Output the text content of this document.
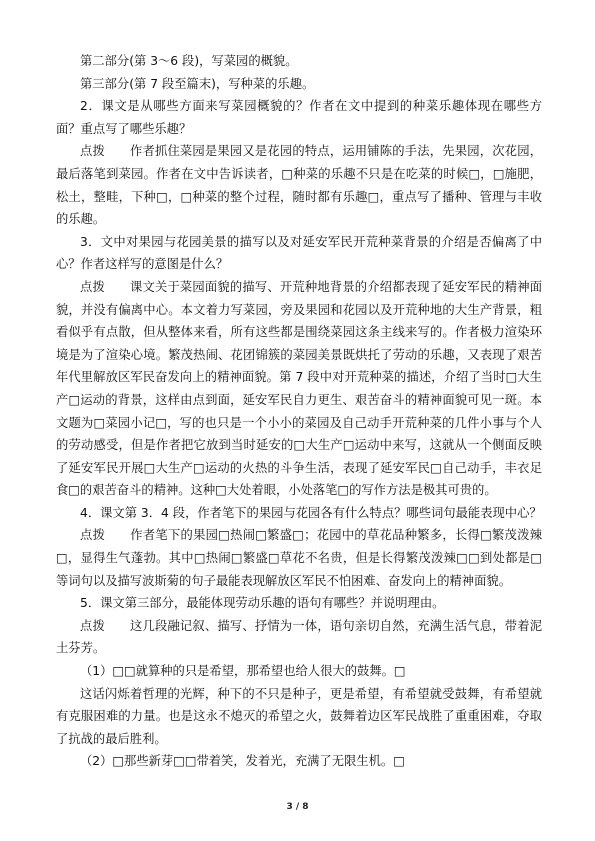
第二部分(第 3～6 段)，写菜园的概貌。

第三部分(第 7 段至篇末)，写种菜的乐趣。

2．课文是从哪些方面来写菜园概貌的？作者在文中提到的种菜乐趣体现在哪些方面？重点写了哪些乐趣？

点拨　　作者抓住菜园是果园又是花园的特点，运用铺陈的手法，先果园，次花园，最后落笔到菜园。作者在文中告诉读者，□种菜的乐趣不只是在吃菜的时候□，□施肥，松土，整畦，下种□，□种菜的整个过程，随时都有乐趣□，重点写了播种、管理与丰收的乐趣。

3．文中对果园与花园美景的描写以及对延安军民开荒种菜背景的介绍是否偏离了中心？作者这样写的意图是什么？

点拨　　课文关于菜园面貌的描写、开荒种地背景的介绍都表现了延安军民的精神面貌，并没有偏离中心。本文着力写菜园，旁及果园和花园以及开荒种地的大生产背景，粗看似乎有点散，但从整体来看，所有这些都是围绕菜园这条主线来写的。作者极力渲染环境是为了渲染心境。繁茂热闹、花团锦簇的菜园美景既烘托了劳动的乐趣，又表现了艰苦年代里解放区军民奋发向上的精神面貌。第 7 段中对开荒种菜的描述，介绍了当时□大生产□运动的背景，这样由点到面，延安军民自力更生、艰苦奋斗的精神面貌可见一斑。本文题为□菜园小记□，写的也只是一个小小的菜园及自己动手开荒种菜的几件小事与个人的劳动感受，但是作者把它放到当时延安的□大生产□运动中来写，这就从一个侧面反映了延安军民开展□大生产□运动的火热的斗争生活，表现了延安军民□自己动手，丰衣足食□的艰苦奋斗的精神。这种□大处着眼，小处落笔□的写作方法是极其可贵的。

4．课文第 3．4 段，作者笔下的果园与花园各有什么特点？哪些词句最能表现中心？

点拨　　作者笔下的果园□热闹□繁盛□；花园中的草花品种繁多，长得□繁茂泼辣□，显得生气蓬勃。其中□热闹□繁盛□草花不名贵，但是长得繁茂泼辣□□到处都是□等词句以及描写波斯菊的句子最能表现解放区军民不怕困难、奋发向上的精神面貌。

5．课文第三部分，最能体现劳动乐趣的语句有哪些？并说明理由。

点拨　　这几段融记叙、描写、抒情为一体，语句亲切自然，充满生活气息，带着泥土芬芳。

（1）□□就算种的只是希望，那希望也给人很大的鼓舞。□

这话闪烁着哲理的光辉，种下的不只是种子，更是希望，有希望就受鼓舞，有希望就有克服困难的力量。也是这永不熄灭的希望之火，鼓舞着边区军民战胜了重重困难，夺取了抗战的最后胜利。

（2）□那些新芽□□带着笑，发着光，充满了无限生机。□

3 / 8
